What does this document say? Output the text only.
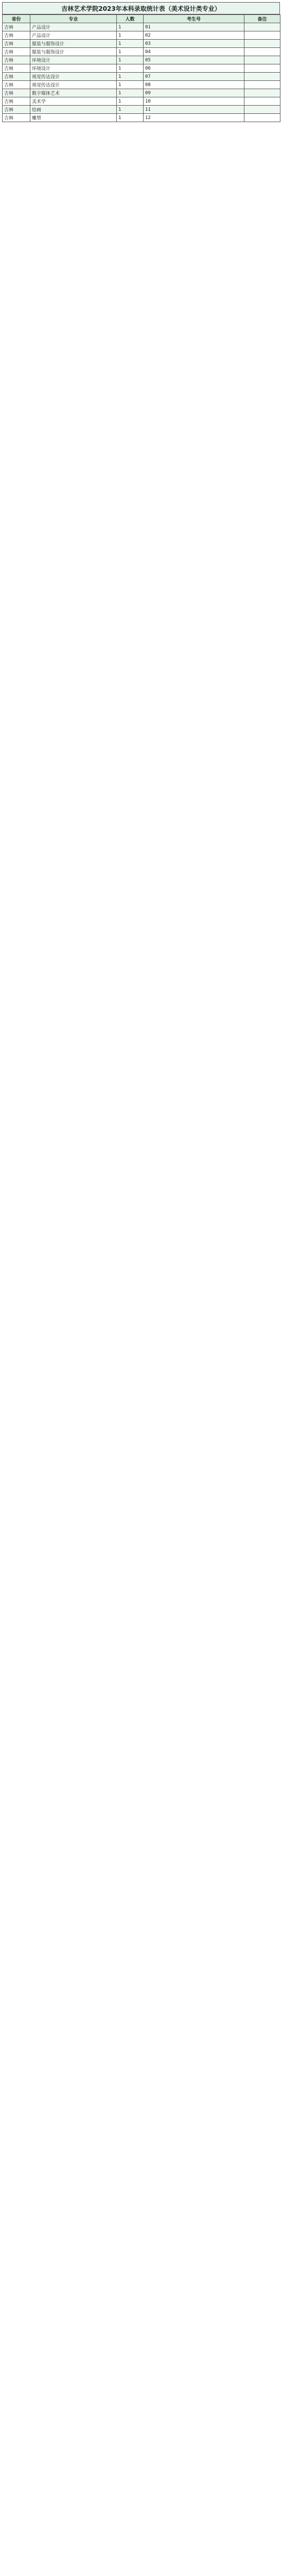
吉林艺术学院2023年本科录取统计表（美术设计类专业）
省份	专业	人数	考生号	备注
吉林	产品设计	1	01	
吉林	产品设计	1	02	
吉林	服装与服饰设计	1	03	
吉林	服装与服饰设计	1	04	
吉林	环境设计	1	05	
吉林	环境设计	1	06	
吉林	视觉传达设计	1	07	
吉林	视觉传达设计	1	08	
吉林	数字媒体艺术	1	09	
吉林	美术学	1	10	
吉林	绘画	1	11	
吉林	雕塑	1	12	
